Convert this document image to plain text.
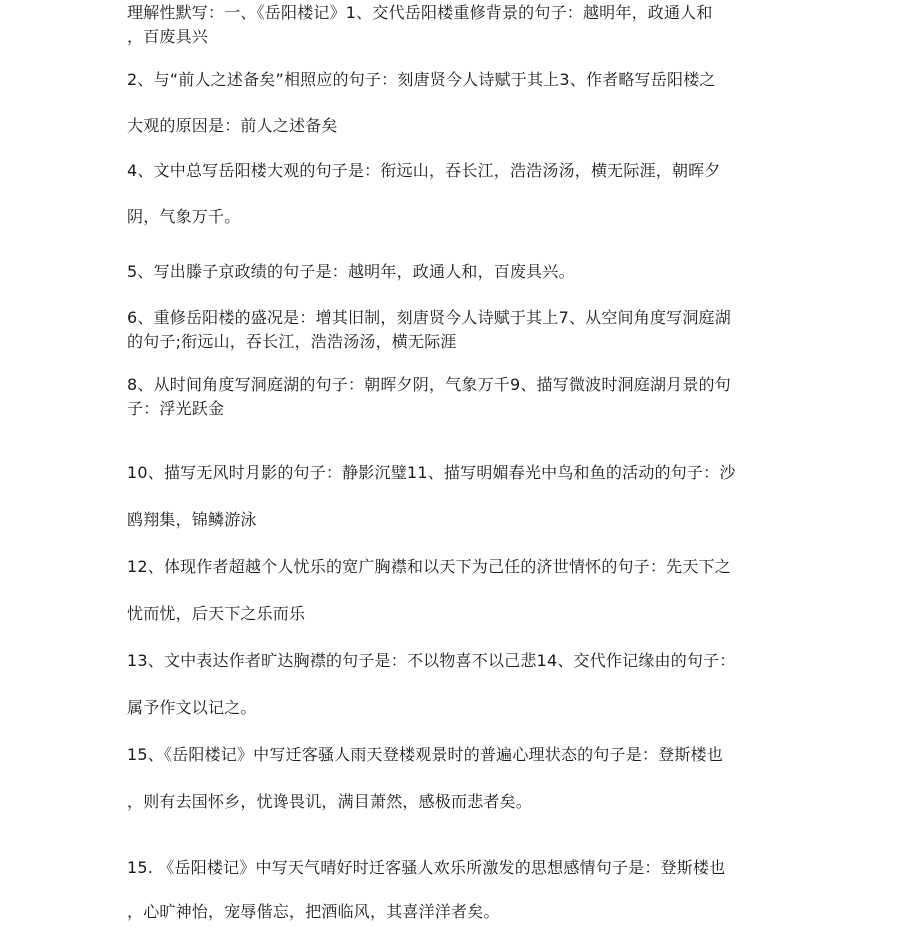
理解性默写：一、《岳阳楼记》1、交代岳阳楼重修背景的句子：越明年，政通人和
，百废具兴
2、与“前人之述备矣”相照应的句子：刻唐贤今人诗赋于其上3、作者略写岳阳楼之
大观的原因是：前人之述备矣
4、文中总写岳阳楼大观的句子是：衔远山，吞长江，浩浩汤汤，横无际涯，朝晖夕
阴，气象万千。
5、写出滕子京政绩的句子是：越明年，政通人和，百废具兴。
6、重修岳阳楼的盛况是：增其旧制，刻唐贤今人诗赋于其上7、从空间角度写洞庭湖
的句子;衔远山，吞长江，浩浩汤汤，横无际涯
8、从时间角度写洞庭湖的句子：朝晖夕阴，气象万千9、描写微波时洞庭湖月景的句
子：浮光跃金
10、描写无风时月影的句子：静影沉璧11、描写明媚春光中鸟和鱼的活动的句子：沙
鸥翔集，锦鳞游泳
12、体现作者超越个人忧乐的宽广胸襟和以天下为己任的济世情怀的句子：先天下之
忧而忧，后天下之乐而乐
13、文中表达作者旷达胸襟的句子是：不以物喜不以己悲14、交代作记缘由的句子：
属予作文以记之。
15、《岳阳楼记》中写迁客骚人雨天登楼观景时的普遍心理状态的句子是：登斯楼也
，则有去国怀乡，忧谗畏讥，满目萧然，感极而悲者矣。
15. 《岳阳楼记》中写天气晴好时迁客骚人欢乐所激发的思想感情句子是：登斯楼也
，心旷神怡，宠辱偕忘，把酒临风，其喜洋洋者矣。
